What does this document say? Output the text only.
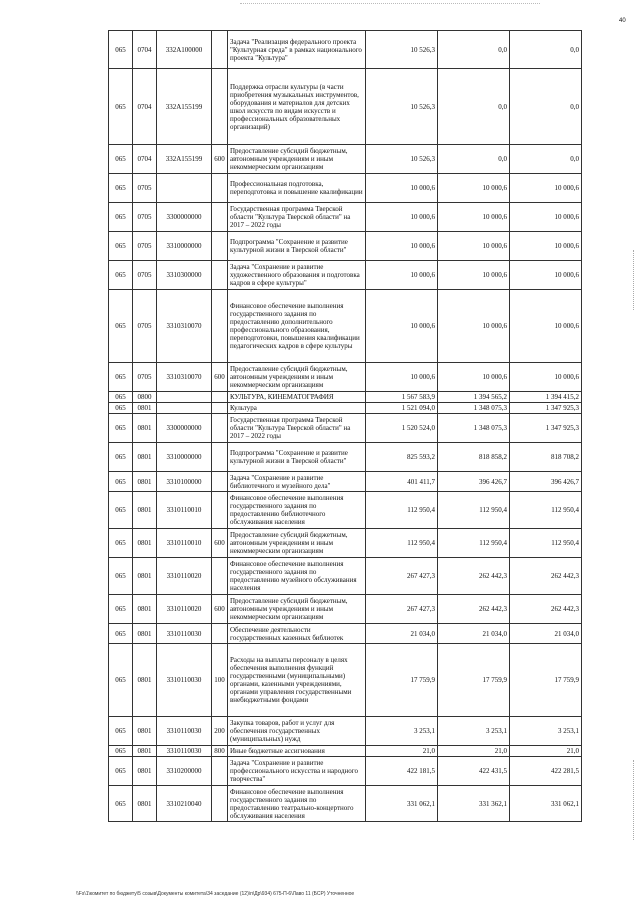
40
065	0704	332A100000		Задача "Реализация федерального проекта "Культурная среда" в рамках национального проекта "Культура"	10 526,3	0,0	0,0
065	0704	332A155199		Поддержка отрасли культуры (в части приобретения музыкальных инструментов, оборудования и материалов для детских школ искусств по видам искусств и профессиональных образовательных организаций)	10 526,3	0,0	0,0
065	0704	332A155199	600	Предоставление субсидий бюджетным, автономным учреждениям и иным некоммерческим организациям	10 526,3	0,0	0,0
065	0705			Профессиональная подготовка, переподготовка и повышение квалификации	10 000,6	10 000,6	10 000,6
065	0705	3300000000		Государственная программа Тверской области "Культура Тверской области" на 2017 – 2022 годы	10 000,6	10 000,6	10 000,6
065	0705	3310000000		Подпрограмма "Сохранение и развитие культурной жизни в Тверской области"	10 000,6	10 000,6	10 000,6
065	0705	3310300000		Задача "Сохранение и развитие художественного образования и подготовка кадров в сфере культуры"	10 000,6	10 000,6	10 000,6
065	0705	3310310070		Финансовое обеспечение выполнения государственного задания по предоставлению дополнительного профессионального образования, переподготовки, повышения квалификации педагогических кадров в сфере культуры	10 000,6	10 000,6	10 000,6
065	0705	3310310070	600	Предоставление субсидий бюджетным, автономным учреждениям и иным некоммерческим организациям	10 000,6	10 000,6	10 000,6
065	0800			КУЛЬТУРА, КИНЕМАТОГРАФИЯ	1 567 583,9	1 394 565,2	1 394 415,2
065	0801			Культура	1 521 094,0	1 348 075,3	1 347 925,3
065	0801	3300000000		Государственная программа Тверской области "Культура Тверской области" на 2017 – 2022 годы	1 520 524,0	1 348 075,3	1 347 925,3
065	0801	3310000000		Подпрограмма "Сохранение и развитие культурной жизни в Тверской области"	825 593,2	818 858,2	818 708,2
065	0801	3310100000		Задача "Сохранение и развитие библиотечного и музейного дела"	401 411,7	396 426,7	396 426,7
065	0801	3310110010		Финансовое обеспечение выполнения государственного задания по предоставлению библиотечного обслуживания населения	112 950,4	112 950,4	112 950,4
065	0801	3310110010	600	Предоставление субсидий бюджетным, автономным учреждениям и иным некоммерческим организациям	112 950,4	112 950,4	112 950,4
065	0801	3310110020		Финансовое обеспечение выполнения государственного задания по предоставлению музейного обслуживания населения	267 427,3	262 442,3	262 442,3
065	0801	3310110020	600	Предоставление субсидий бюджетным, автономным учреждениям и иным некоммерческим организациям	267 427,3	262 442,3	262 442,3
065	0801	3310110030		Обеспечение деятельности государственных казенных библиотек	21 034,0	21 034,0	21 034,0
065	0801	3310110030	100	Расходы на выплаты персоналу в целях обеспечения выполнения функций государственными (муниципальными) органами, казенными учреждениями, органами управления государственными внебюджетными фондами	17 759,9	17 759,9	17 759,9
065	0801	3310110030	200	Закупка товаров, работ и услуг для обеспечения государственных (муниципальных) нужд	3 253,1	3 253,1	3 253,1
065	0801	3310110030	800	Иные бюджетные ассигнования	21,0	21,0	21,0
065	0801	3310200000		Задача "Сохранение и развитие профессионального искусства и народного творчества"	422 181,5	422 431,5	422 281,5
065	0801	3310210040		Финансовое обеспечение выполнения государственного задания по предоставлению театрально-концертного обслуживания населения	331 062,1	331 362,1	331 062,1
\\Fs\1\комитет по бюджету\5 созыв\Документы комитета\34 заседание (12)\п\Др\934) 675-П-6\Лаво 11 (БСР) Уточненное
